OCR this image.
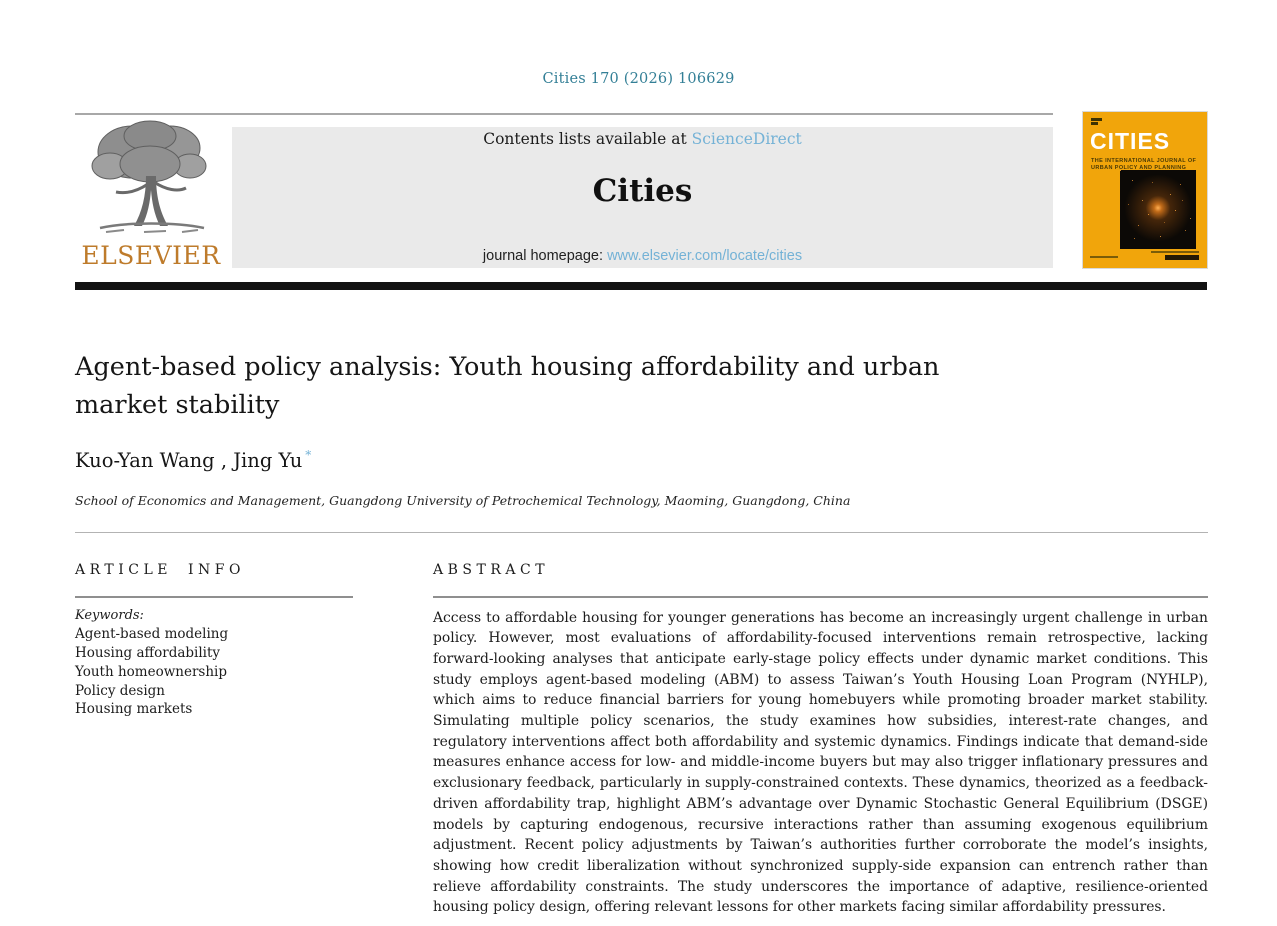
Cities 170 (2026) 106629
ELSEVIER
Contents lists available at ScienceDirect
Cities
journal homepage: www.elsevier.com/locate/cities
CITIES
THE INTERNATIONAL JOURNAL OF
URBAN POLICY AND PLANNING
Agent-based policy analysis: Youth housing affordability and urban market stability
Kuo-Yan Wang , Jing Yu *
School of Economics and Management, Guangdong University of Petrochemical Technology, Maoming, Guangdong, China
ARTICLE INFO
Keywords:
Agent-based modeling
Housing affordability
Youth homeownership
Policy design
Housing markets
ABSTRACT

Access to affordable housing for younger generations has become an increasingly urgent challenge in urban policy. However, most evaluations of affordability-focused interventions remain retrospective, lacking forward-looking analyses that anticipate early-stage policy effects under dynamic market conditions. This study employs agent-based modeling (ABM) to assess Taiwan’s Youth Housing Loan Program (NYHLP), which aims to reduce financial barriers for young homebuyers while promoting broader market stability. Simulating multiple policy scenarios, the study examines how subsidies, interest-rate changes, and regulatory interventions affect both affordability and systemic dynamics. Findings indicate that demand-side measures enhance access for low- and middle-income buyers but may also trigger inflationary pressures and exclusionary feedback, particularly in supply-constrained contexts. These dynamics, theorized as a feedback-driven affordability trap, highlight ABM’s advantage over Dynamic Stochastic General Equilibrium (DSGE) models by capturing endogenous, recursive interactions rather than assuming exogenous equilibrium adjustment. Recent policy adjustments by Taiwan’s authorities further corroborate the model’s insights, showing how credit liberalization without synchronized supply-side expansion can entrench rather than relieve affordability constraints. The study underscores the importance of adaptive, resilience-oriented housing policy design, offering relevant lessons for other markets facing similar affordability pressures.
